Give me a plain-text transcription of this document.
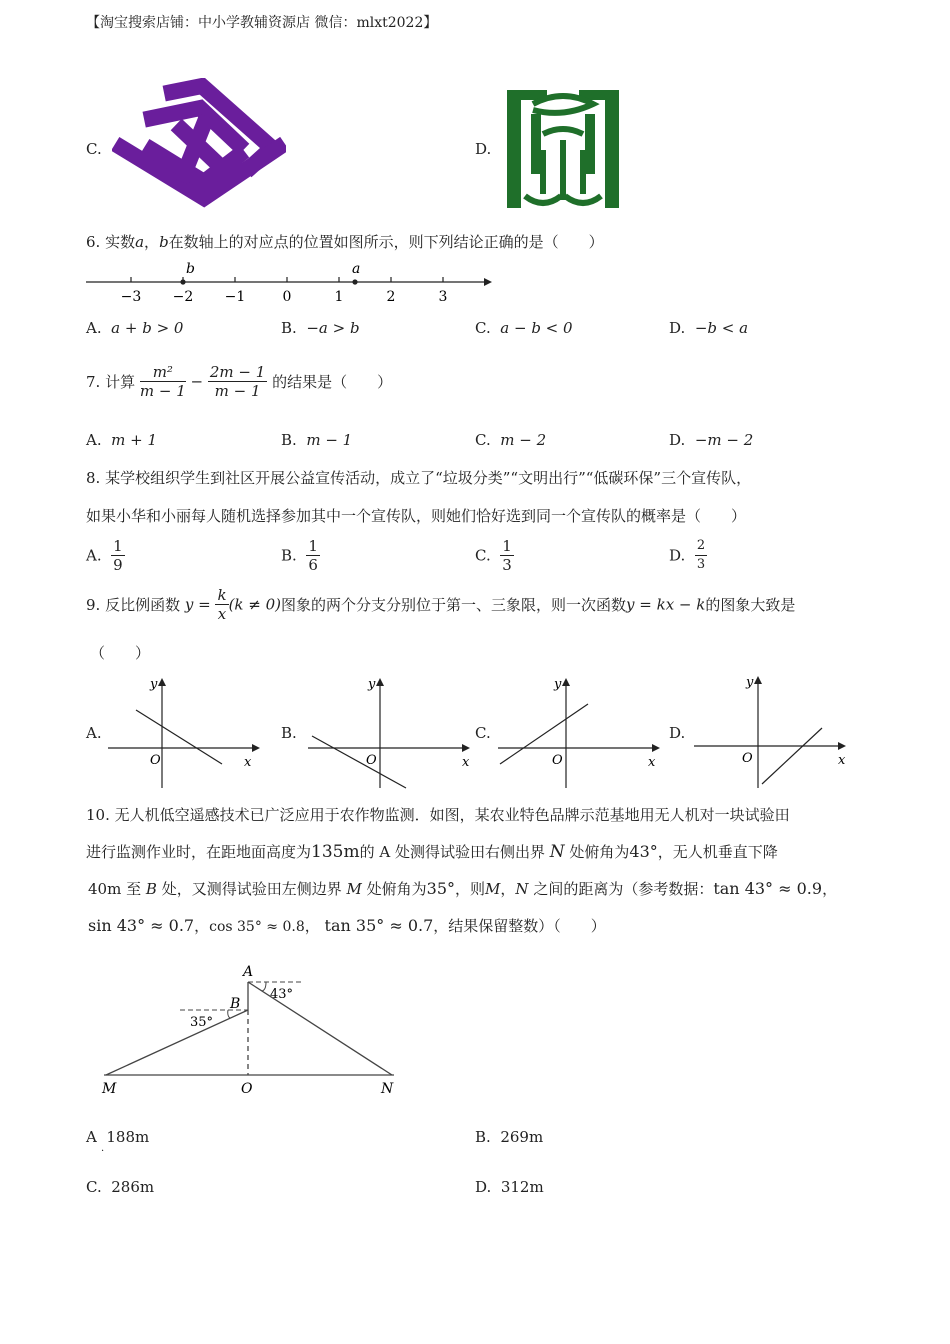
【淘宝搜索店铺：中小学教辅资源店 微信：mlxt2022】
C.	D.
6. 实数a，b在数轴上的对应点的位置如图所示，则下列结论正确的是（　　）
−3 −2 −1	0	1	2	3
b	a
A. a + b > 0	B. −a > b	C. a − b < 0	D. −b < a
7. 计算 $\frac{\text{m²}}{m - 1} - \frac{2m - 1}{m - 1}$ 的结果是（　　）
A. m + 1	B. m − 1	C. m − 2	D. −m − 2
8. 某学校组织学生到社区开展公益宣传活动，成立了“垃圾分类”“文明出行”“低碳环保”三个宣传队，
如果小华和小丽每人随机选择参加其中一个宣传队，则她们恰好选到同一个宣传队的概率是（　　）
A. $\frac{1}{9}$	B. $\frac{1}{6}$	C. $\frac{1}{3}$	D. $\frac{2}{3}$
9. 反比例函数 $y = \frac{k}{x} (k \ne 0)$图象的两个分支分别位于第一、三象限，则一次函数y = kx − k的图象大致是
（　　）
A.
y
x
O
B.
y
x
O
C.
y
x
O
D.
y
x
O
10. 无人机低空遥感技术已广泛应用于农作物监测．如图，某农业特色品牌示范基地用无人机对一块试验田
进行监测作业时，在距地面高度为135m的 A 处测得试验田右侧出界 N 处俯角为43°，无人机垂直下降
40m 至 B 处，又测得试验田左侧边界 M 处俯角为35°，则M，N 之间的距离为（参考数据：tan 43° ≈ 0.9，
sin 43° ≈ 0.7，cos 35° ≈ 0.8， tan 35° ≈ 0.7，结果保留整数）（　　）
A
B
M	O	N
43°
35°
A 188m
·
B. 269m
C. 286m	D. 312m
